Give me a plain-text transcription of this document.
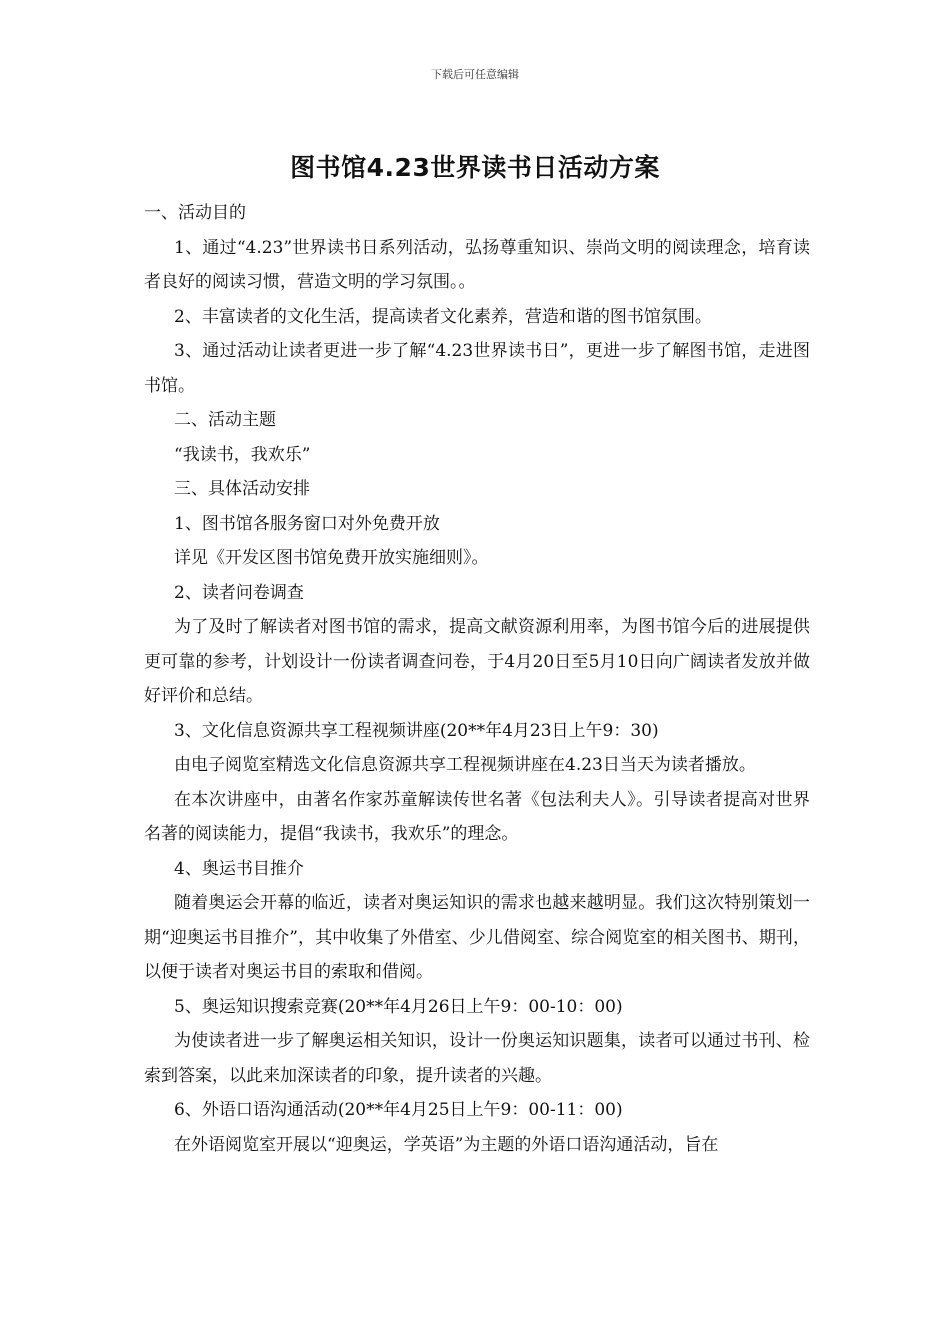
下载后可任意编辑
图书馆4.23世界读书日活动方案

一、活动目的

1、通过“4.23”世界读书日系列活动，弘扬尊重知识、崇尚文明的阅读理念，培育读者良好的阅读习惯，营造文明的学习氛围。。

2、丰富读者的文化生活，提高读者文化素养，营造和谐的图书馆氛围。

3、通过活动让读者更进一步了解“4.23世界读书日”，更进一步了解图书馆，走进图书馆。

二、活动主题

“我读书，我欢乐”

三、具体活动安排

1、图书馆各服务窗口对外免费开放

详见《开发区图书馆免费开放实施细则》。

2、读者问卷调查

为了及时了解读者对图书馆的需求，提高文献资源利用率，为图书馆今后的进展提供更可靠的参考，计划设计一份读者调查问卷，于4月20日至5月10日向广阔读者发放并做好评价和总结。

3、文化信息资源共享工程视频讲座(20**年4月23日上午9：30)

由电子阅览室精选文化信息资源共享工程视频讲座在4.23日当天为读者播放。

在本次讲座中，由著名作家苏童解读传世名著《包法利夫人》。引导读者提高对世界名著的阅读能力，提倡“我读书，我欢乐”的理念。

4、奥运书目推介

随着奥运会开幕的临近，读者对奥运知识的需求也越来越明显。我们这次特别策划一期“迎奥运书目推介”，其中收集了外借室、少儿借阅室、综合阅览室的相关图书、期刊，以便于读者对奥运书目的索取和借阅。

5、奥运知识搜索竞赛(20**年4月26日上午9：00-10：00)

为使读者进一步了解奥运相关知识，设计一份奥运知识题集，读者可以通过书刊、检索到答案，以此来加深读者的印象，提升读者的兴趣。

6、外语口语沟通活动(20**年4月25日上午9：00-11：00)

在外语阅览室开展以“迎奥运，学英语”为主题的外语口语沟通活动，旨在
